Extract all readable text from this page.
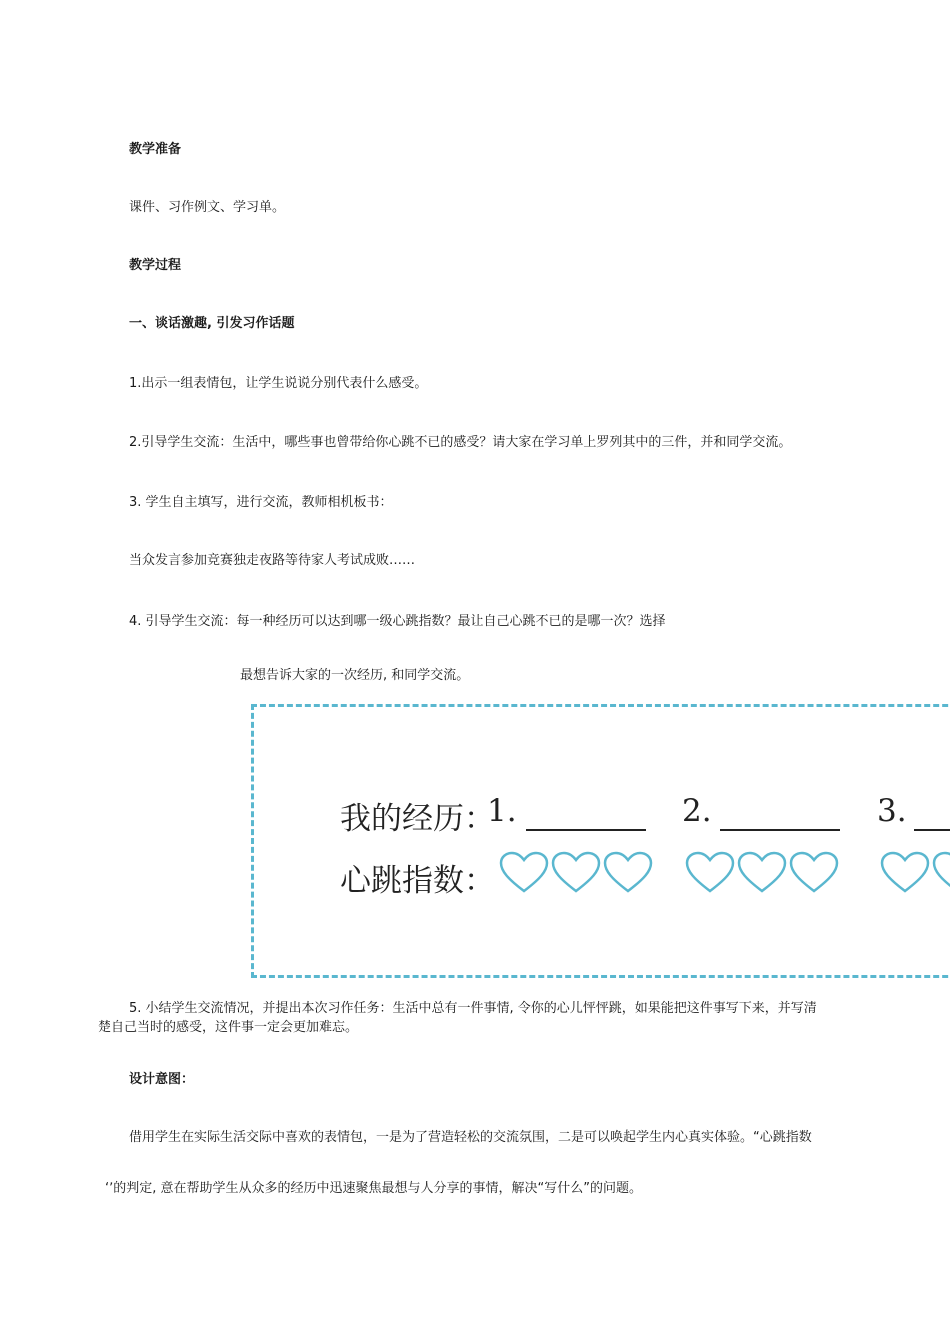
教学准备
课件、习作例文、学习单。
教学过程
一、谈话激趣, 引发习作话题
1.出示一组表情包，让学生说说分别代表什么感受。
2.引导学生交流：生活中，哪些事也曾带给你心跳不已的感受？请大家在学习单上罗列其中的三件，并和同学交流。
3. 学生自主填写，进行交流，教师相机板书：
当众发言参加竞赛独走夜路等待家人考试成败……
4. 引导学生交流：每一种经历可以达到哪一级心跳指数？最让自己心跳不已的是哪一次？选择
最想告诉大家的一次经历, 和同学交流。
我的经历：
1.	2.	3.
心跳指数：
5. 小结学生交流情况，并提出本次习作任务：生活中总有一件事情, 令你的心儿怦怦跳，如果能把这件事写下来，并写清
楚自己当时的感受，这件事一定会更加难忘。
设计意图：
借用学生在实际生活交际中喜欢的表情包，一是为了营造轻松的交流氛围，二是可以唤起学生内心真实体验。“心跳指数
‘ʼ的判定, 意在帮助学生从众多的经历中迅速聚焦最想与人分享的事情，解决“写什么”的问题。
